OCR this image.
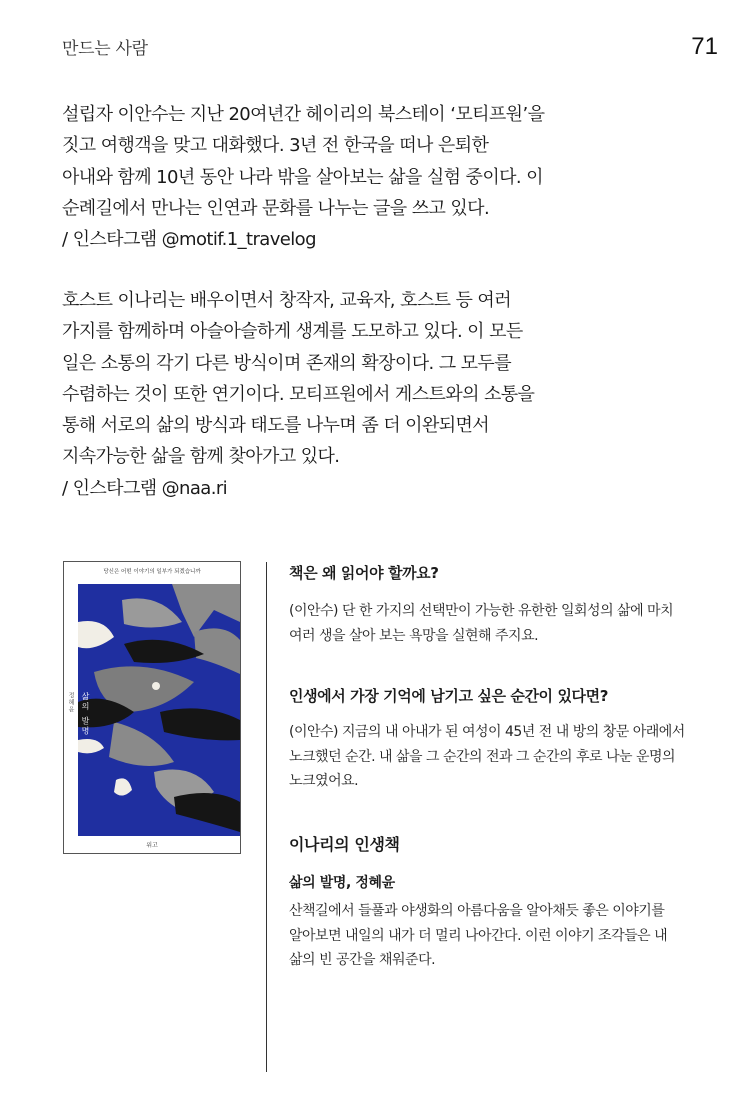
만드는 사람	71

설립자 이안수는 지난 20여년간 헤이리의 북스테이 ‘모티프원’을

짓고 여행객을 맞고 대화했다. 3년 전 한국을 떠나 은퇴한

아내와 함께 10년 동안 나라 밖을 살아보는 삶을 실험 중이다. 이

순례길에서 만나는 인연과 문화를 나누는 글을 쓰고 있다.

/ 인스타그램 @motif.1_travelog

호스트 이나리는 배우이면서 창작자, 교육자, 호스트 등 여러

가지를 함께하며 아슬아슬하게 생계를 도모하고 있다. 이 모든

일은 소통의 각기 다른 방식이며 존재의 확장이다. 그 모두를

수렴하는 것이 또한 연기이다. 모티프원에서 게스트와의 소통을

통해 서로의 삶의 방식과 태도를 나누며 좀 더 이완되면서

지속가능한 삶을 함께 찾아가고 있다.

/ 인스타그램 @naa.ri

당신은 어떤 이야기의 일부가 되겠습니까
삶의 발명
정혜윤
위고

책은 왜 읽어야 할까요?

(이안수) 단 한 가지의 선택만이 가능한 유한한 일회성의 삶에 마치
여러 생을 살아 보는 욕망을 실현해 주지요.

인생에서 가장 기억에 남기고 싶은 순간이 있다면?

(이안수) 지금의 내 아내가 된 여성이 45년 전 내 방의 창문 아래에서
노크했던 순간. 내 삶을 그 순간의 전과 그 순간의 후로 나눈 운명의
노크였어요.

이나리의 인생책

삶의 발명, 정혜윤

산책길에서 들풀과 야생화의 아름다움을 알아채듯 좋은 이야기를
알아보면 내일의 내가 더 멀리 나아간다. 이런 이야기 조각들은 내
삶의 빈 공간을 채워준다.
